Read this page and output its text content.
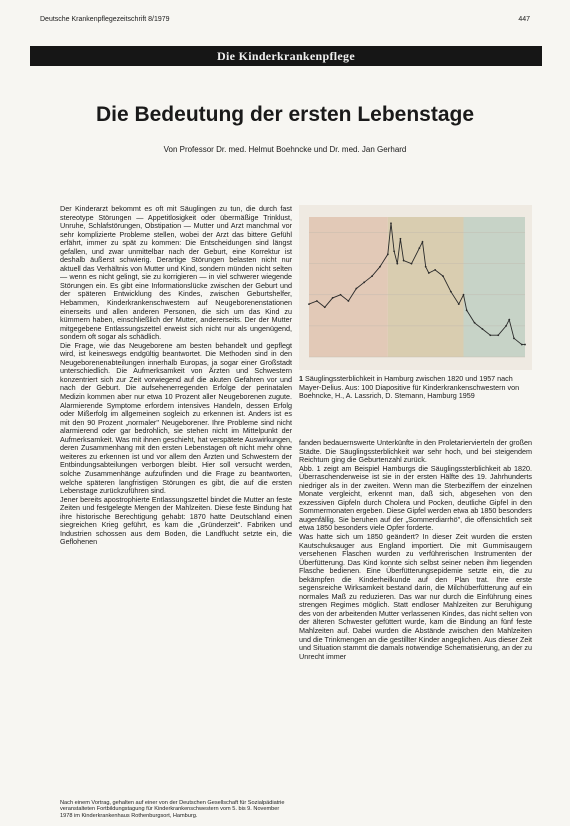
Deutsche Krankenpflegezeitschrift 8/1979	447
Die Kinderkrankenpflege
Die Bedeutung der ersten Lebenstage
Von Professor Dr. med. Helmut Boehncke und Dr. med. Jan Gerhard

Der Kinderarzt bekommt es oft mit Säuglingen zu tun, die durch fast stereotype Störungen — Appetitlosigkeit oder übermäßige Trinklust, Unruhe, Schlafstörungen, Obstipation — Mutter und Arzt manchmal vor sehr komplizierte Probleme stellen, wobei der Arzt das bittere Gefühl erfährt, immer zu spät zu kommen: Die Entscheidungen sind längst gefallen, und zwar unmittelbar nach der Geburt, eine Korrektur ist deshalb äußerst schwierig. Derartige Störungen belasten nicht nur aktuell das Verhältnis von Mutter und Kind, sondern münden nicht selten — wenn es nicht gelingt, sie zu korrigieren — in viel schwerer wiegende Störungen ein. Es gibt eine Informationslücke zwischen der Geburt und der späteren Entwicklung des Kindes, zwischen Geburtshelfer, Hebammen, Kinderkrankenschwestern auf Neugeborenenstationen einerseits und allen anderen Personen, die sich um das Kind zu kümmern haben, einschließlich der Mutter, andererseits. Der der Mutter mitgegebene Entlassungszettel erweist sich nicht nur als ungenügend, sondern oft sogar als schädlich.

Die Frage, wie das Neugeborene am besten behandelt und gepflegt wird, ist keineswegs endgültig beantwortet. Die Methoden sind in den Neugeborenenabteilungen innerhalb Europas, ja sogar einer Großstadt unterschiedlich. Die Aufmerksamkeit von Ärzten und Schwestern konzentriert sich zur Zeit vorwiegend auf die akuten Gefahren vor und nach der Geburt. Die aufsehenerregenden Erfolge der perinatalen Medizin kommen aber nur etwa 10 Prozent aller Neugeborenen zugute. Alarmierende Symptome erfordern intensives Handeln, dessen Erfolg oder Mißerfolg im allgemeinen sogleich zu erkennen ist. Anders ist es mit den 90 Prozent „normaler" Neugeborener. Ihre Probleme sind nicht alarmierend oder gar bedrohlich, sie stehen nicht im Mittelpunkt der Aufmerksamkeit. Was mit ihnen geschieht, hat verspätete Auswirkungen, deren Zusammenhang mit den ersten Lebenstagen oft nicht mehr ohne weiteres zu erkennen ist und vor allem den Ärzten und Schwestern der Entbindungsabteilungen verborgen bleibt. Hier soll versucht werden, solche Zusammenhänge aufzufinden und die Frage zu beantworten, welche späteren langfristigen Störungen es gibt, die auf die ersten Lebenstage zurückzuführen sind.

Jener bereits apostrophierte Entlassungszettel bindet die Mutter an feste Zeiten und festgelegte Mengen der Mahlzeiten. Diese feste Bindung hat ihre historische Berechtigung gehabt: 1870 hatte Deutschland einen siegreichen Krieg geführt, es kam die „Gründerzeit". Fabriken und Industrien schossen aus dem Boden, die Landflucht setzte ein, die Geflohenen

Nach einem Vortrag, gehalten auf einer von der Deutschen Gesellschaft für Sozialpädiatrie veranstalteten Fortbildungstagung für Kinderkrankenschwestern vom 5. bis 9. November 1978 im Kinderkrankenhaus Rothenburgsort, Hamburg.
1 Säuglingssterblichkeit in Hamburg zwischen 1820 und 1957 nach Mayer-Delius. Aus: 100 Diapositive für Kinderkrankenschwestern von Boehncke, H., A. Lassrich, D. Stemann, Hamburg 1959

fanden bedauernswerte Unterkünfte in den Proletariervierteln der großen Städte. Die Säuglingssterblichkeit war sehr hoch, und bei steigendem Reichtum ging die Geburtenzahl zurück.

Abb. 1 zeigt am Beispiel Hamburgs die Säuglingssterblichkeit ab 1820. Überraschenderweise ist sie in der ersten Hälfte des 19. Jahrhunderts niedriger als in der zweiten. Wenn man die Sterbeziffern der einzelnen Monate vergleicht, erkennt man, daß sich, abgesehen von den exzessiven Gipfeln durch Cholera und Pocken, deutliche Gipfel in den Sommermonaten ergeben. Diese Gipfel werden etwa ab 1850 besonders augenfällig. Sie beruhen auf der „Sommerdiarrhö", die offensichtlich seit etwa 1850 besonders viele Opfer forderte.

Was hatte sich um 1850 geändert? In dieser Zeit wurden die ersten Kautschuksauger aus England importiert. Die mit Gummisaugern versehenen Flaschen wurden zu verführerischen Instrumenten der Überfütterung. Das Kind konnte sich selbst seiner neben ihm liegenden Flasche bedienen. Eine Überfütterungsepidemie setzte ein, die zu bekämpfen die Kinderheilkunde auf den Plan trat. Ihre erste segensreiche Wirksamkeit bestand darin, die Milchüberfütterung auf ein normales Maß zu reduzieren. Das war nur durch die Einführung eines strengen Regimes möglich. Statt endloser Mahlzeiten zur Beruhigung des von der arbeitenden Mutter verlassenen Kindes, das nicht selten von der älteren Schwester gefüttert wurde, kam die Bindung an fünf feste Mahlzeiten auf. Dabei wurden die Abstände zwischen den Mahlzeiten und die Trinkmengen an die gestillter Kinder angeglichen. Aus dieser Zeit und Situation stammt die damals notwendige Schematisierung, an der zu Unrecht immer
